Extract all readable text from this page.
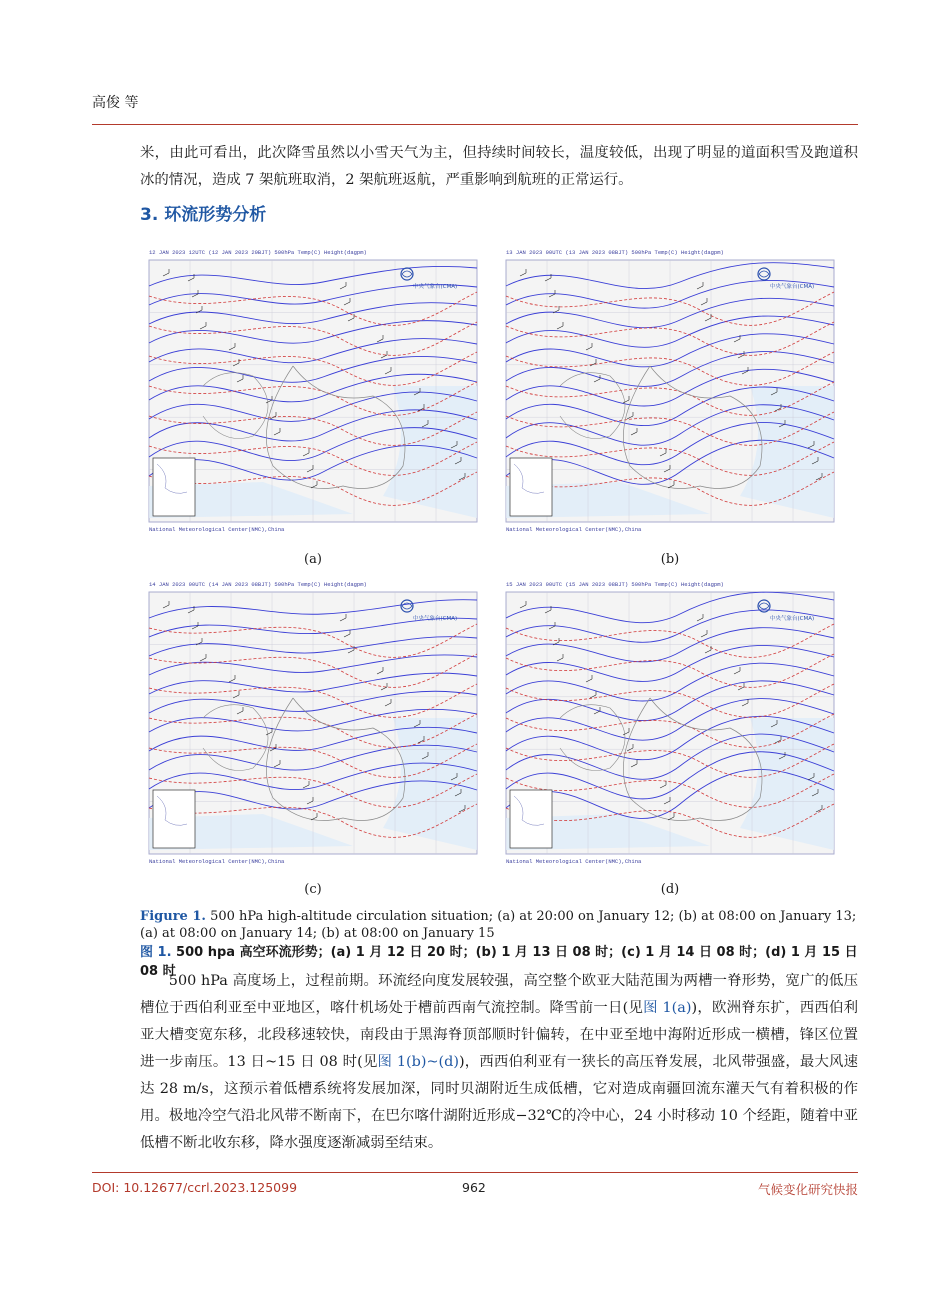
高俊 等

米，由此可看出，此次降雪虽然以小雪天气为主，但持续时间较长，温度较低，出现了明显的道面积雪及跑道积冰的情况，造成 7 架航班取消，2 架航班返航，严重影响到航班的正常运行。

3. 环流形势分析
12 JAN 2023 12UTC (12 JAN 2023 20BJT) 500hPa Temp(C) Height(dagpm)
National Meteorological Center(NMC),China
中央气象台(CMA)
(a)
13 JAN 2023 00UTC (13 JAN 2023 08BJT) 500hPa Temp(C) Height(dagpm)
National Meteorological Center(NMC),China
中央气象台(CMA)
(b)
14 JAN 2023 00UTC (14 JAN 2023 08BJT) 500hPa Temp(C) Height(dagpm)
National Meteorological Center(NMC),China
中央气象台(CMA)
(c)
15 JAN 2023 00UTC (15 JAN 2023 08BJT) 500hPa Temp(C) Height(dagpm)
National Meteorological Center(NMC),China
中央气象台(CMA)
(d)
Figure 1. 500 hPa high-altitude circulation situation; (a) at 20:00 on January 12; (b) at 08:00 on January 13; (a) at 08:00 on January 14; (b) at 08:00 on January 15
图 1. 500 hpa 高空环流形势；(a) 1 月 12 日 20 时；(b) 1 月 13 日 08 时；(c) 1 月 14 日 08 时；(d) 1 月 15 日 08 时

500 hPa 高度场上，过程前期。环流经向度发展较强，高空整个欧亚大陆范围为两槽一脊形势，宽广的低压槽位于西伯利亚至中亚地区，喀什机场处于槽前西南气流控制。降雪前一日(见图 1(a))，欧洲脊东扩，西西伯利亚大槽变宽东移，北段移速较快，南段由于黑海脊顶部顺时针偏转，在中亚至地中海附近形成一横槽，锋区位置进一步南压。13 日~15 日 08 时(见图 1(b)~(d))，西西伯利亚有一狭长的高压脊发展，北风带强盛，最大风速达 28 m/s，这预示着低槽系统将发展加深，同时贝湖附近生成低槽，它对造成南疆回流东灌天气有着积极的作用。极地冷空气沿北风带不断南下，在巴尔喀什湖附近形成−32℃的冷中心，24 小时移动 10 个经距，随着中亚低槽不断北收东移，降水强度逐渐减弱至结束。

DOI: 10.12677/ccrl.2023.125099	962	气候变化研究快报
